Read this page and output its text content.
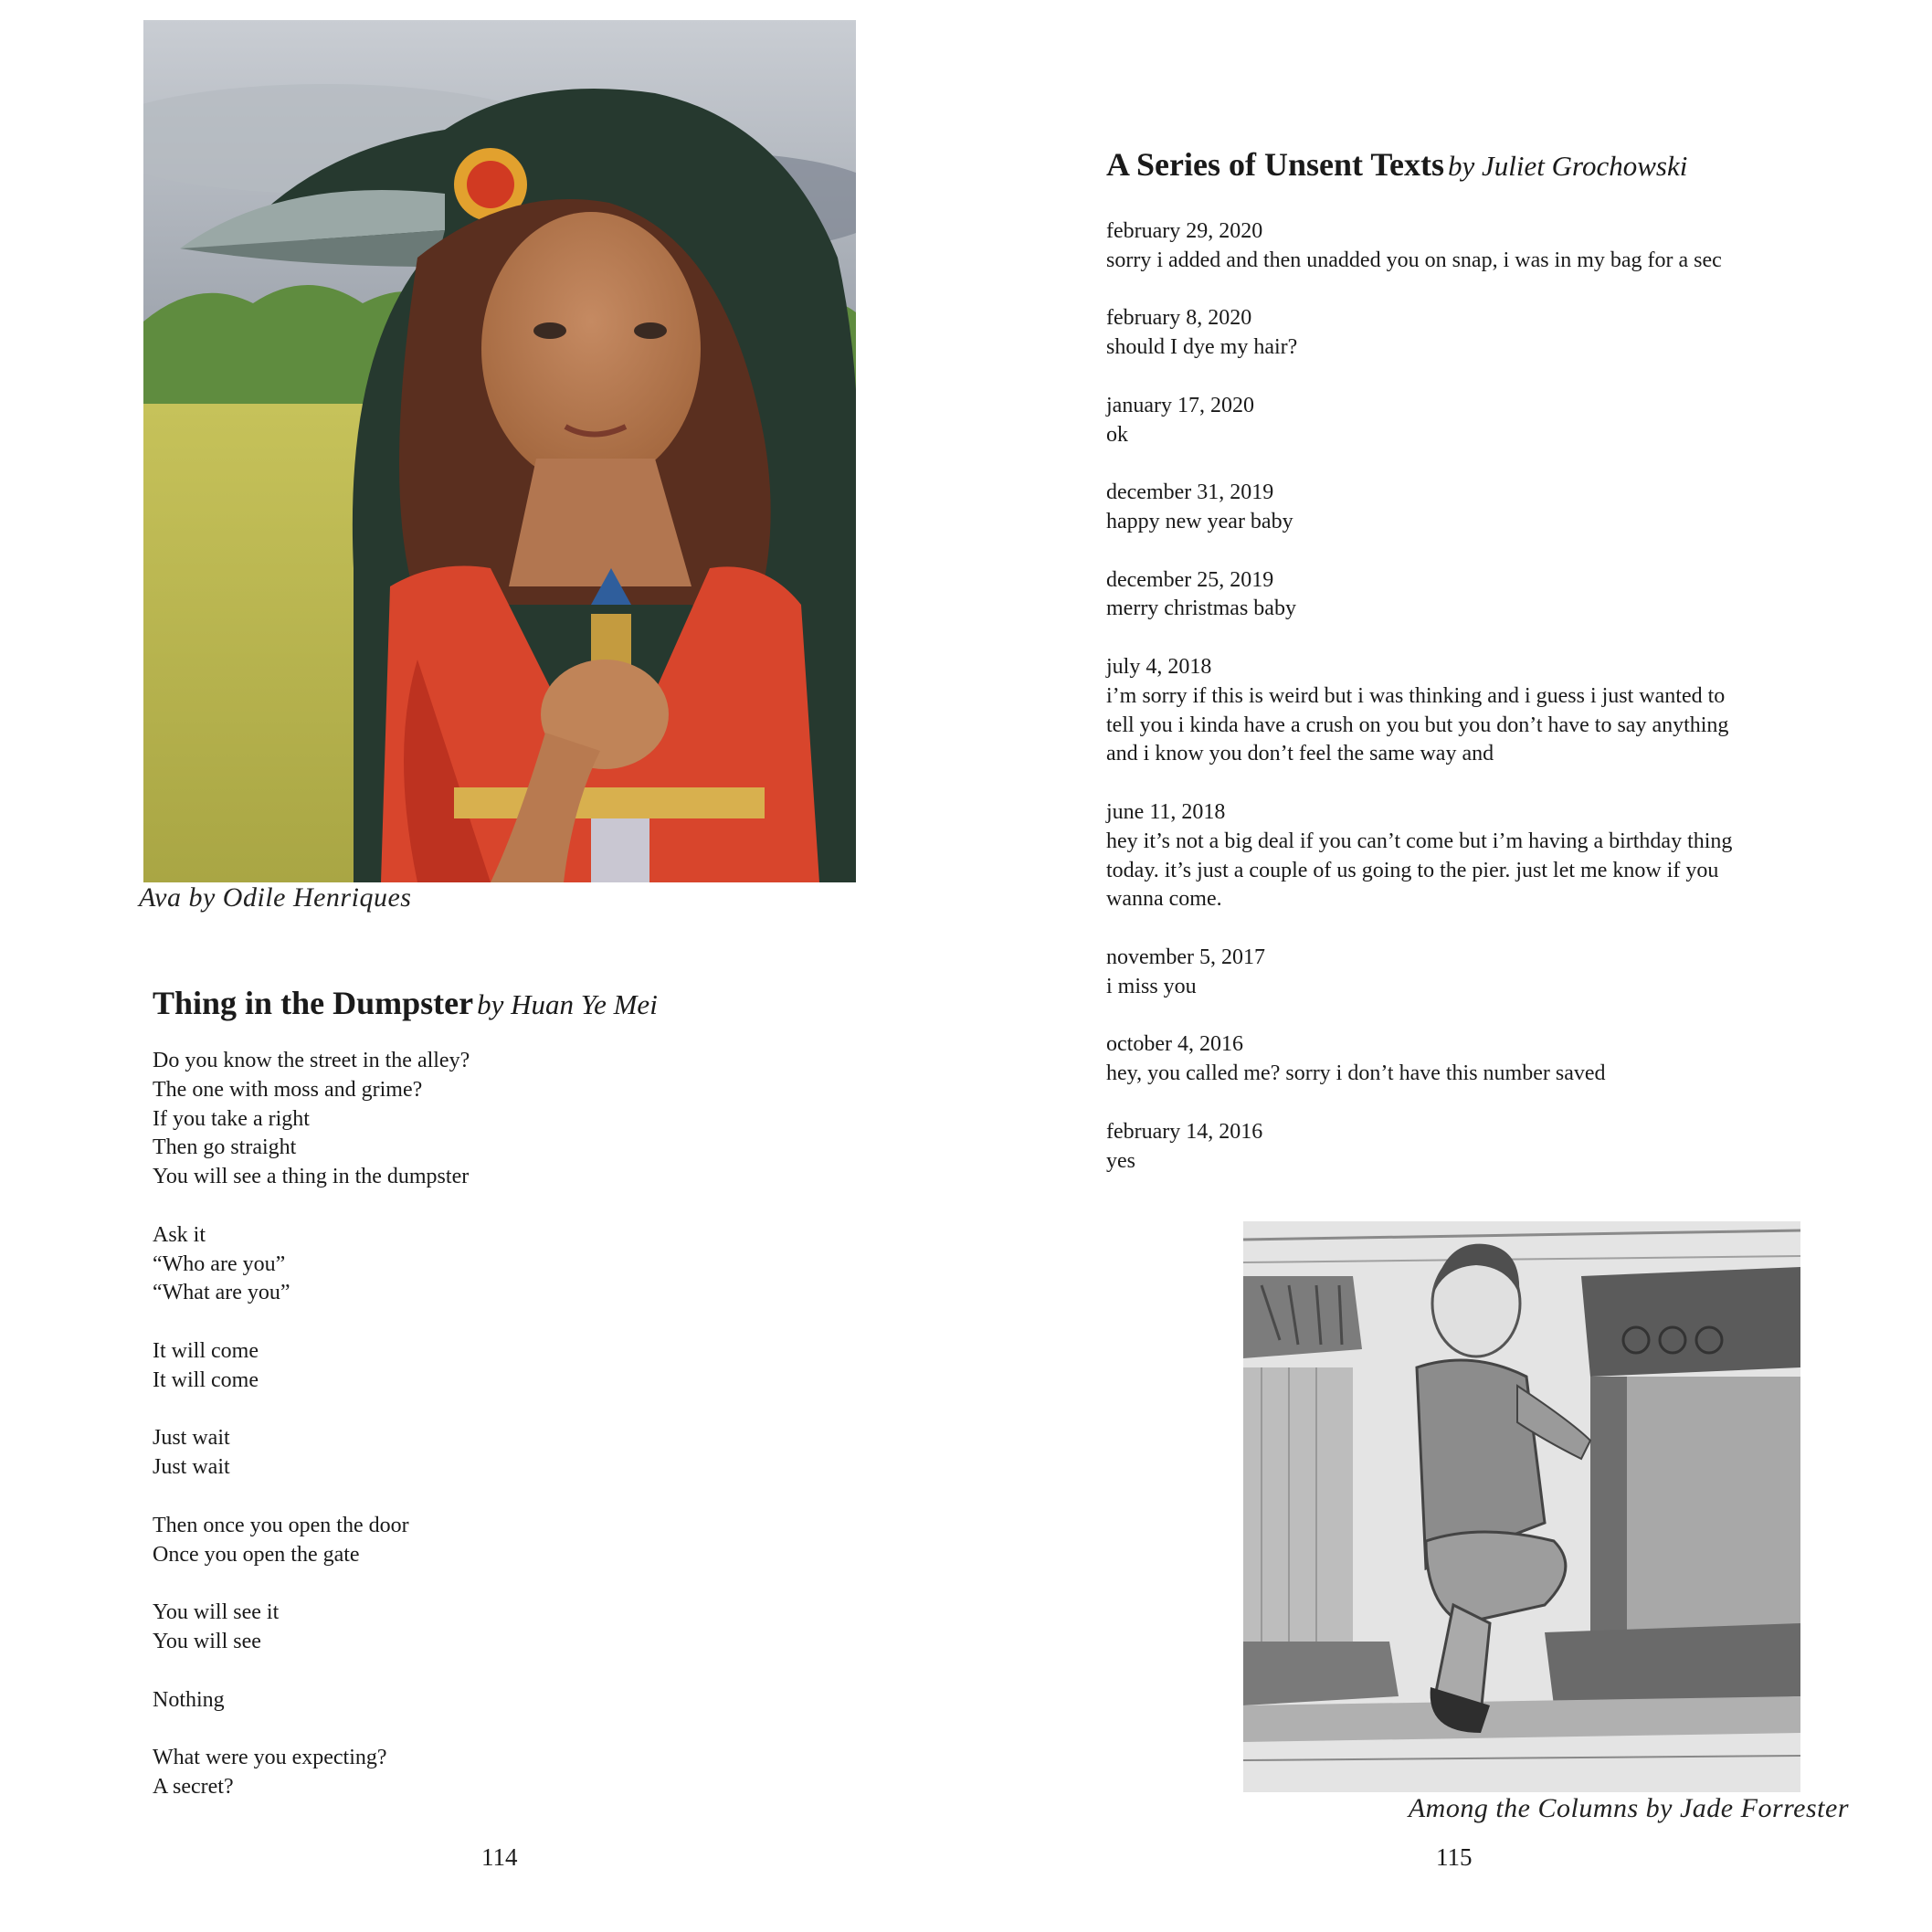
Ava by Odile Henriques
Thing in the Dumpster by Huan Ye Mei
Do you know the street in the alley?
The one with moss and grime?
If you take a right
Then go straight
You will see a thing in the dumpster
Ask it
“Who are you”
“What are you”
It will come
It will come
Just wait
Just wait
Then once you open the door
Once you open the gate
You will see it
You will see
Nothing
What were you expecting?
A secret?
114
A Series of Unsent Texts by Juliet Grochowski
february 29, 2020
sorry i added and then unadded you on snap, i was in my bag for a sec
february 8, 2020
should I dye my hair?
january 17, 2020
ok
december 31, 2019
happy new year baby
december 25, 2019
merry christmas baby
july 4, 2018
i’m sorry if this is weird but i was thinking and i guess i just wanted to
tell you i kinda have a crush on you but you don’t have to say anything
and i know you don’t feel the same way and
june 11, 2018
hey it’s not a big deal if you can’t come but i’m having a birthday thing
today. it’s just a couple of us going to the pier. just let me know if you
wanna come.
november 5, 2017
i miss you
october 4, 2016
hey, you called me? sorry i don’t have this number saved
february 14, 2016
yes
Among the Columns by Jade Forrester
115
